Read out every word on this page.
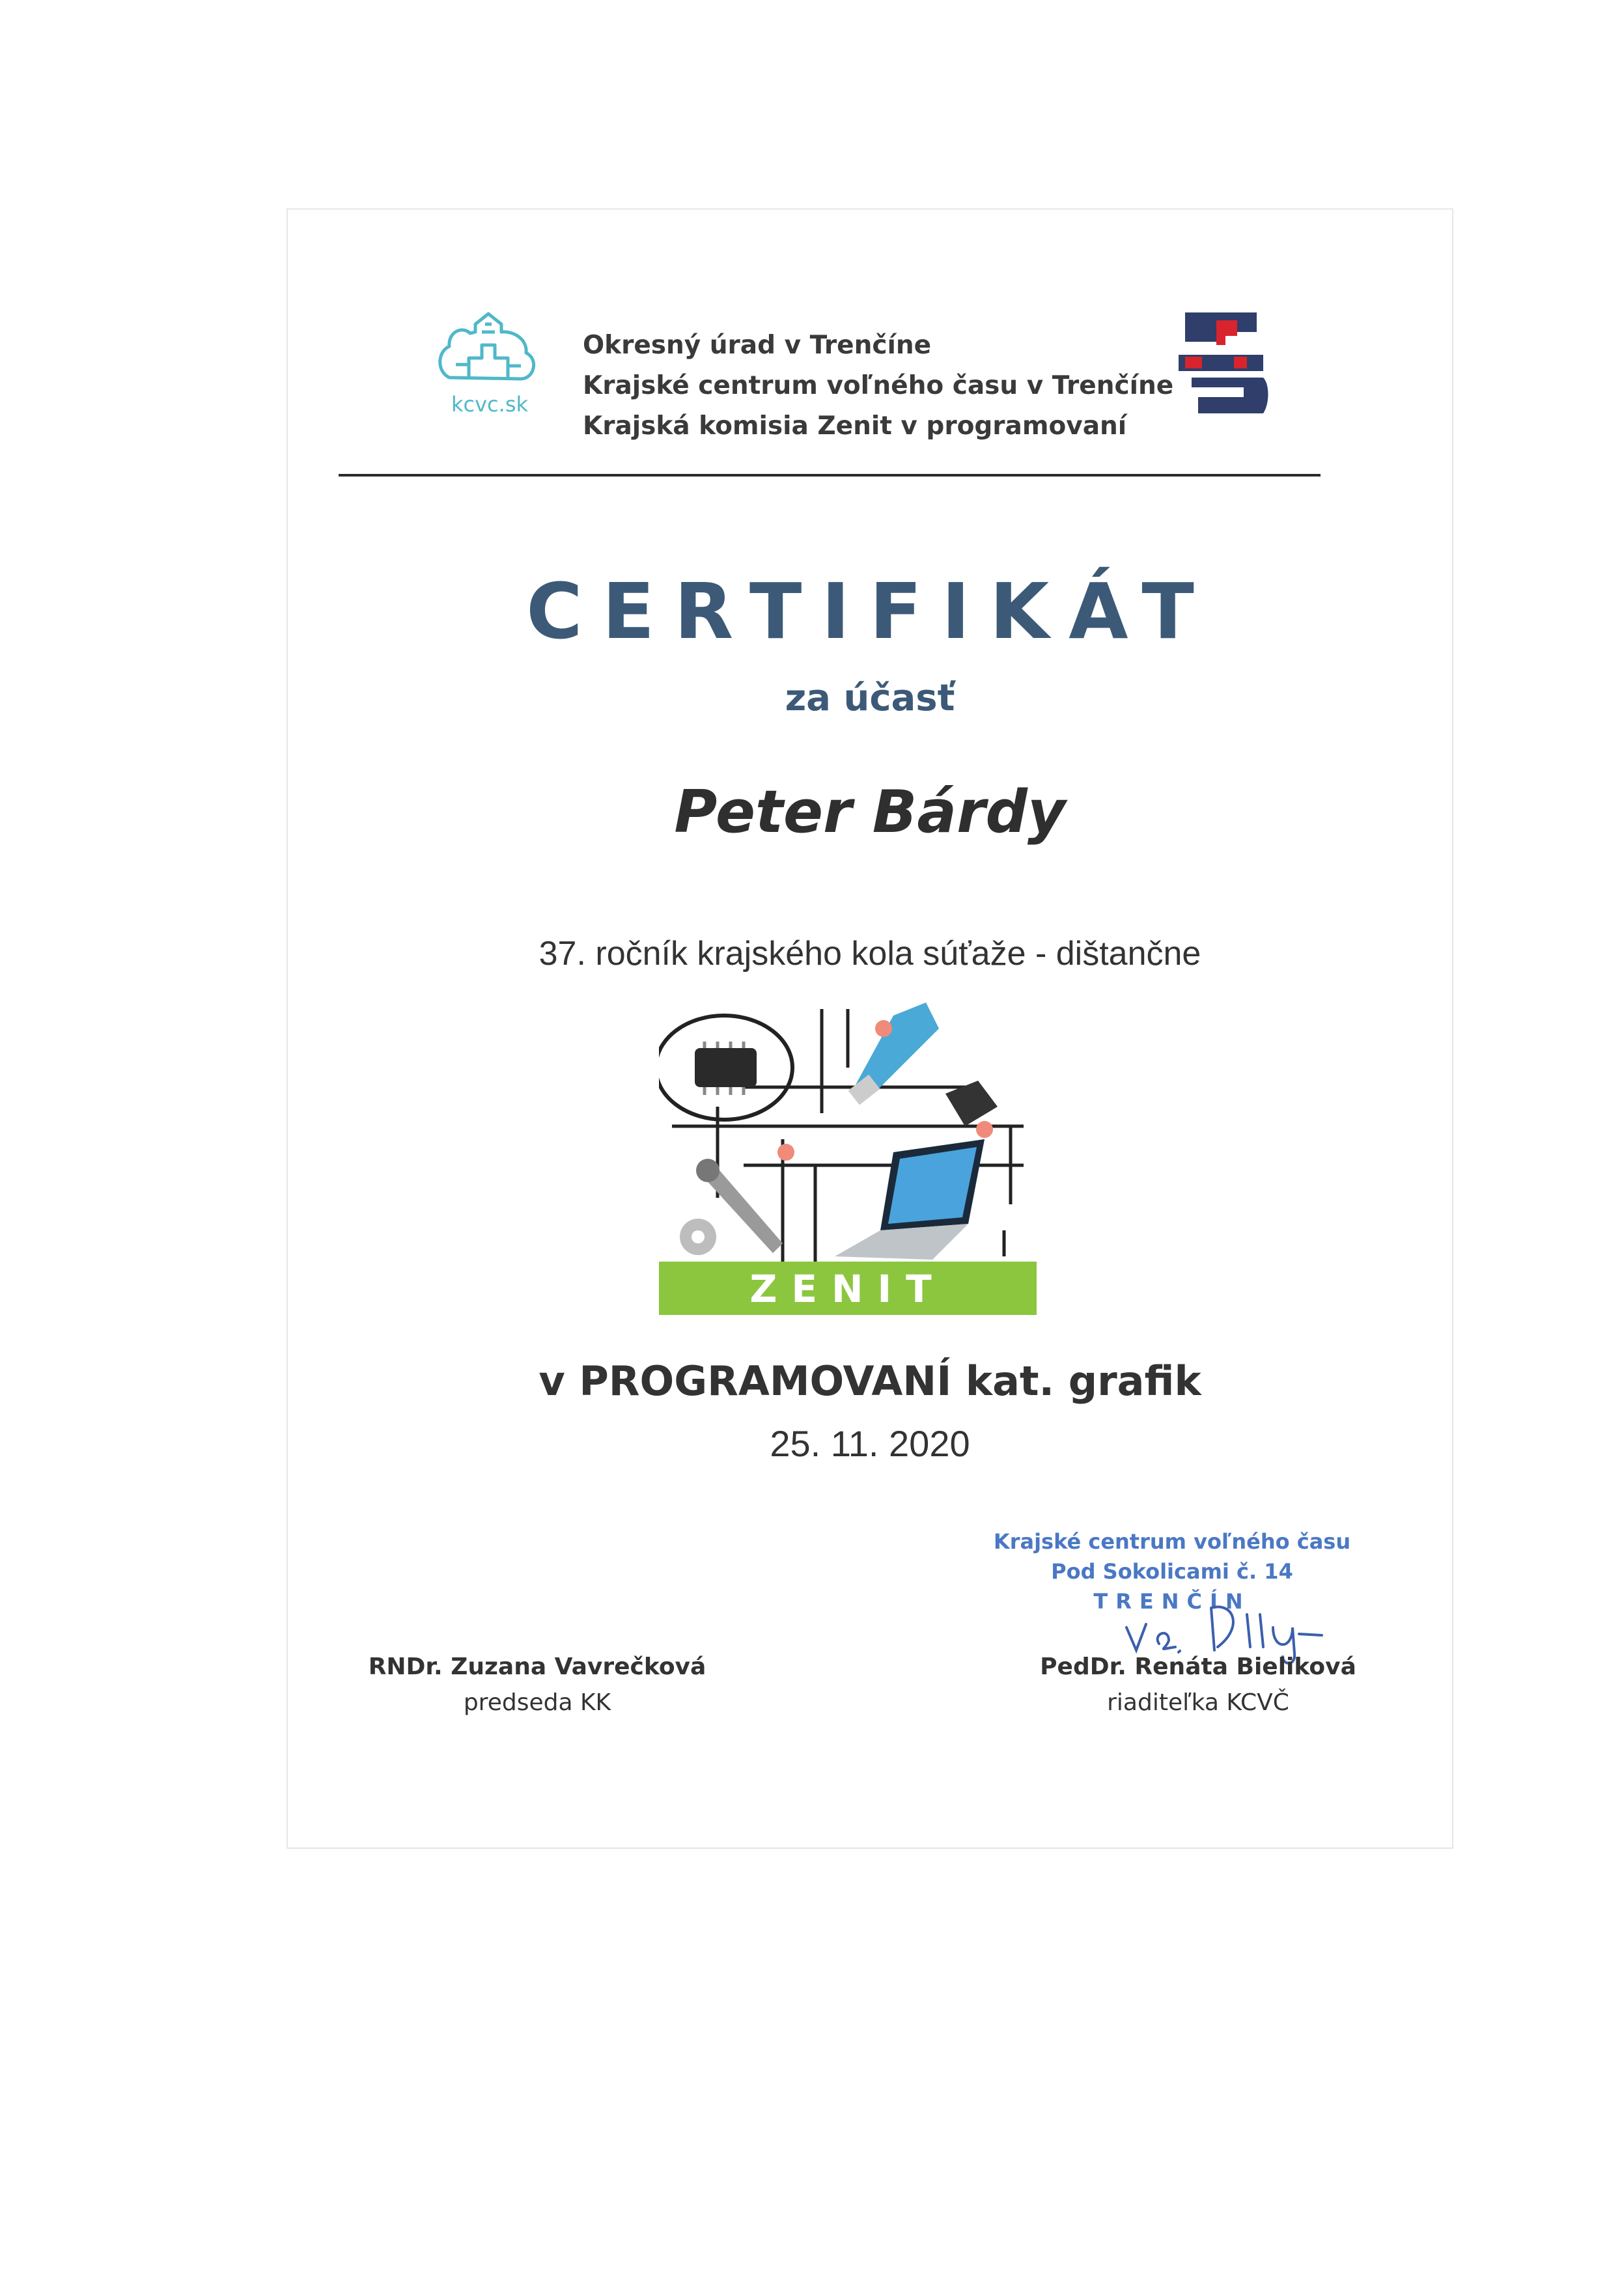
kcvc.sk
Okresný úrad v Trenčíne
Krajské centrum voľného času v Trenčíne
Krajská komisia Zenit v programovaní
CERTIFIKÁT
za účasť
Peter Bárdy
37. ročník krajského kola súťaže - dištančne
ZENIT
v PROGRAMOVANÍ kat. grafik
25. 11. 2020
Krajské centrum voľného času
Pod Sokolicami č. 14
TRENČÍN
RNDr. Zuzana Vavrečková
predseda KK
PedDr. Renáta Bieliková
riaditeľka KCVČ
